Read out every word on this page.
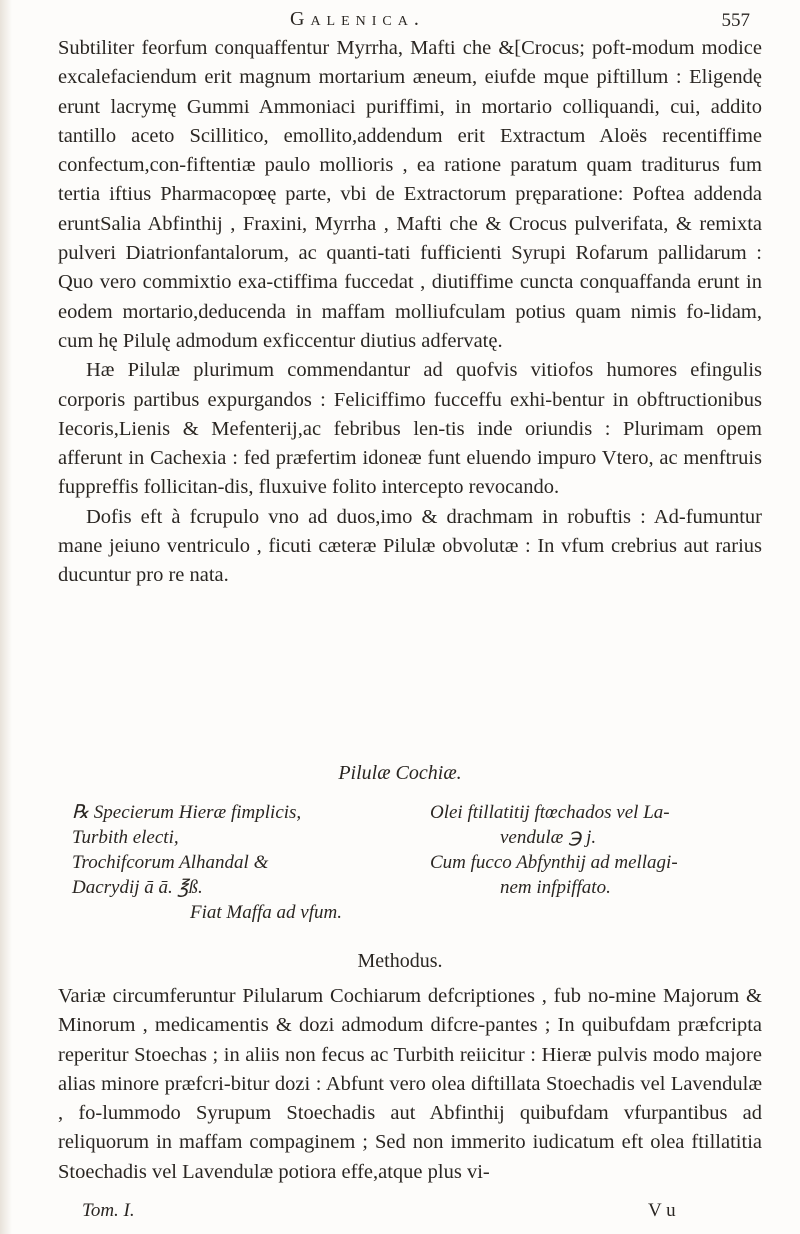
Galenica.	557

Subtiliter feorfum conquaffentur Myrrha, Mafti che &[Crocus; poft-modum modice excalefaciendum erit magnum mortarium æneum, eiufde mque piftillum : Eligendę erunt lacrymę Gummi Ammoniaci puriffimi, in mortario colliquandi, cui, addito tantillo aceto Scillitico, emollito,addendum erit Extractum Aloës recentiffime confectum,con-fiftentiæ paulo mollioris , ea ratione paratum quam traditurus fum tertia iftius Pharmacopœę parte, vbi de Extractorum pręparatione: Poftea addenda eruntSalia Abfinthij , Fraxini, Myrrha , Mafti che & Crocus pulverifata, & remixta pulveri Diatrionfantalorum, ac quanti-tati fufficienti Syrupi Rofarum pallidarum : Quo vero commixtio exa-ctiffima fuccedat , diutiffime cuncta conquaffanda erunt in eodem mortario,deducenda in maffam molliufculam potius quam nimis fo-lidam, cum hę Pilulę admodum exficcentur diutius adfervatę.

Hæ Pilulæ plurimum commendantur ad quofvis vitiofos humores efingulis corporis partibus expurgandos : Feliciffimo fucceffu exhi-bentur in obftructionibus Iecoris,Lienis & Mefenterij,ac febribus len-tis inde oriundis : Plurimam opem afferunt in Cachexia : fed præfertim idoneæ funt eluendo impuro Vtero, ac menftruis fuppreffis follicitan-dis, fluxuive folito intercepto revocando.

Dofis eft à fcrupulo vno ad duos,imo & drachmam in robuftis : Ad-fumuntur mane jeiuno ventriculo , ficuti cæteræ Pilulæ obvolutæ : In vfum crebrius aut rarius ducuntur pro re nata.

Pilulæ Cochiæ.
℞ Specierum Hieræ fimplicis,
Turbith electi,
Trochifcorum Alhandal &
Dacrydij ā ā. ℥ß.
Olei ftillatitij ftœchados vel La-
vendulæ ℈ j.
Cum fucco Abfynthij ad mellagi-
nem infpiffato.
Fiat Maffa ad vfum.
Methodus.

Variæ circumferuntur Pilularum Cochiarum defcriptiones , fub no-mine Majorum & Minorum , medicamentis & dozi admodum difcre-pantes ; In quibufdam præfcripta reperitur Stoechas ; in aliis non fecus ac Turbith reiicitur : Hieræ pulvis modo majore alias minore præfcri-bitur dozi : Abfunt vero olea diftillata Stoechadis vel Lavendulæ , fo-lummodo Syrupum Stoechadis aut Abfinthij quibufdam vfurpantibus ad reliquorum in maffam compaginem ; Sed non immerito iudicatum eft olea ftillatitia Stoechadis vel Lavendulæ potiora effe,atque plus vi-

Tom. I.	V u
